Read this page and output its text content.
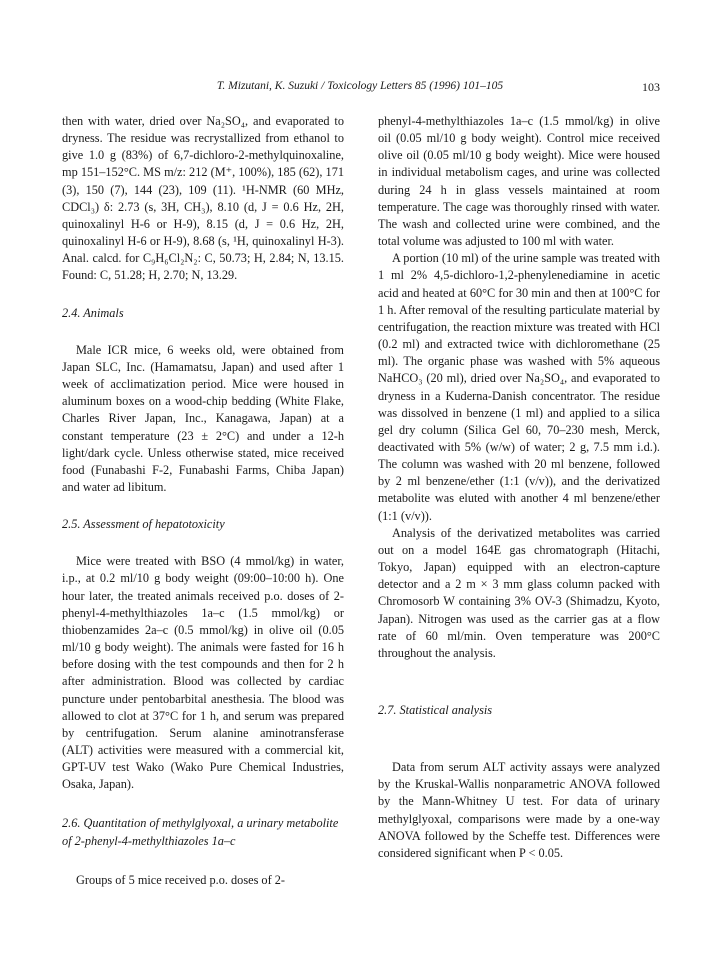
T. Mizutani, K. Suzuki / Toxicology Letters 85 (1996) 101–105	103

then with water, dried over Na₂SO₄, and evaporated to dryness. The residue was recrystallized from ethanol to give 1.0 g (83%) of 6,7-dichloro-2-methylquinoxaline, mp 151–152°C. MS m/z: 212 (M⁺, 100%), 185 (62), 171 (3), 150 (7), 144 (23), 109 (11). ¹H-NMR (60 MHz, CDCl₃) δ: 2.73 (s, 3H, CH₃), 8.10 (d, J = 0.6 Hz, 2H, quinoxalinyl H-6 or H-9), 8.15 (d, J = 0.6 Hz, 2H, quinoxalinyl H-6 or H-9), 8.68 (s, ¹H, quinoxalinyl H-3). Anal. calcd. for C₉H₆Cl₂N₂: C, 50.73; H, 2.84; N, 13.15. Found: C, 51.28; H, 2.70; N, 13.29.

2.4. Animals

Male ICR mice, 6 weeks old, were obtained from Japan SLC, Inc. (Hamamatsu, Japan) and used after 1 week of acclimatization period. Mice were housed in aluminum boxes on a wood-chip bedding (White Flake, Charles River Japan, Inc., Kanagawa, Japan) at a constant temperature (23 ± 2°C) and under a 12-h light/dark cycle. Unless otherwise stated, mice received food (Funabashi F-2, Funabashi Farms, Chiba Japan) and water ad libitum.

2.5. Assessment of hepatotoxicity

Mice were treated with BSO (4 mmol/kg) in water, i.p., at 0.2 ml/10 g body weight (09:00–10:00 h). One hour later, the treated animals received p.o. doses of 2-phenyl-4-methylthiazoles 1a–c (1.5 mmol/kg) or thiobenzamides 2a–c (0.5 mmol/kg) in olive oil (0.05 ml/10 g body weight). The animals were fasted for 16 h before dosing with the test compounds and then for 2 h after administration. Blood was collected by cardiac puncture under pentobarbital anesthesia. The blood was allowed to clot at 37°C for 1 h, and serum was prepared by centrifugation. Serum alanine aminotransferase (ALT) activities were measured with a commercial kit, GPT-UV test Wako (Wako Pure Chemical Industries, Osaka, Japan).

2.6. Quantitation of methylglyoxal, a urinary metabolite of 2-phenyl-4-methylthiazoles 1a–c

Groups of 5 mice received p.o. doses of 2-

phenyl-4-methylthiazoles 1a–c (1.5 mmol/kg) in olive oil (0.05 ml/10 g body weight). Control mice received olive oil (0.05 ml/10 g body weight). Mice were housed in individual metabolism cages, and urine was collected during 24 h in glass vessels maintained at room temperature. The cage was thoroughly rinsed with water. The wash and collected urine were combined, and the total volume was adjusted to 100 ml with water.

A portion (10 ml) of the urine sample was treated with 1 ml 2% 4,5-dichloro-1,2-phenylenediamine in acetic acid and heated at 60°C for 30 min and then at 100°C for 1 h. After removal of the resulting particulate material by centrifugation, the reaction mixture was treated with HCl (0.2 ml) and extracted twice with dichloromethane (25 ml). The organic phase was washed with 5% aqueous NaHCO₃ (20 ml), dried over Na₂SO₄, and evaporated to dryness in a Kuderna-Danish concentrator. The residue was dissolved in benzene (1 ml) and applied to a silica gel dry column (Silica Gel 60, 70–230 mesh, Merck, deactivated with 5% (w/w) of water; 2 g, 7.5 mm i.d.). The column was washed with 20 ml benzene, followed by 2 ml benzene/ether (1:1 (v/v)), and the derivatized metabolite was eluted with another 4 ml benzene/ether (1:1 (v/v)).

Analysis of the derivatized metabolites was carried out on a model 164E gas chromatograph (Hitachi, Tokyo, Japan) equipped with an electron-capture detector and a 2 m × 3 mm glass column packed with Chromosorb W containing 3% OV-3 (Shimadzu, Kyoto, Japan). Nitrogen was used as the carrier gas at a flow rate of 60 ml/min. Oven temperature was 200°C throughout the analysis.

2.7. Statistical analysis

Data from serum ALT activity assays were analyzed by the Kruskal-Wallis nonparametric ANOVA followed by the Mann-Whitney U test. For data of urinary methylglyoxal, comparisons were made by a one-way ANOVA followed by the Scheffe test. Differences were considered significant when P < 0.05.
